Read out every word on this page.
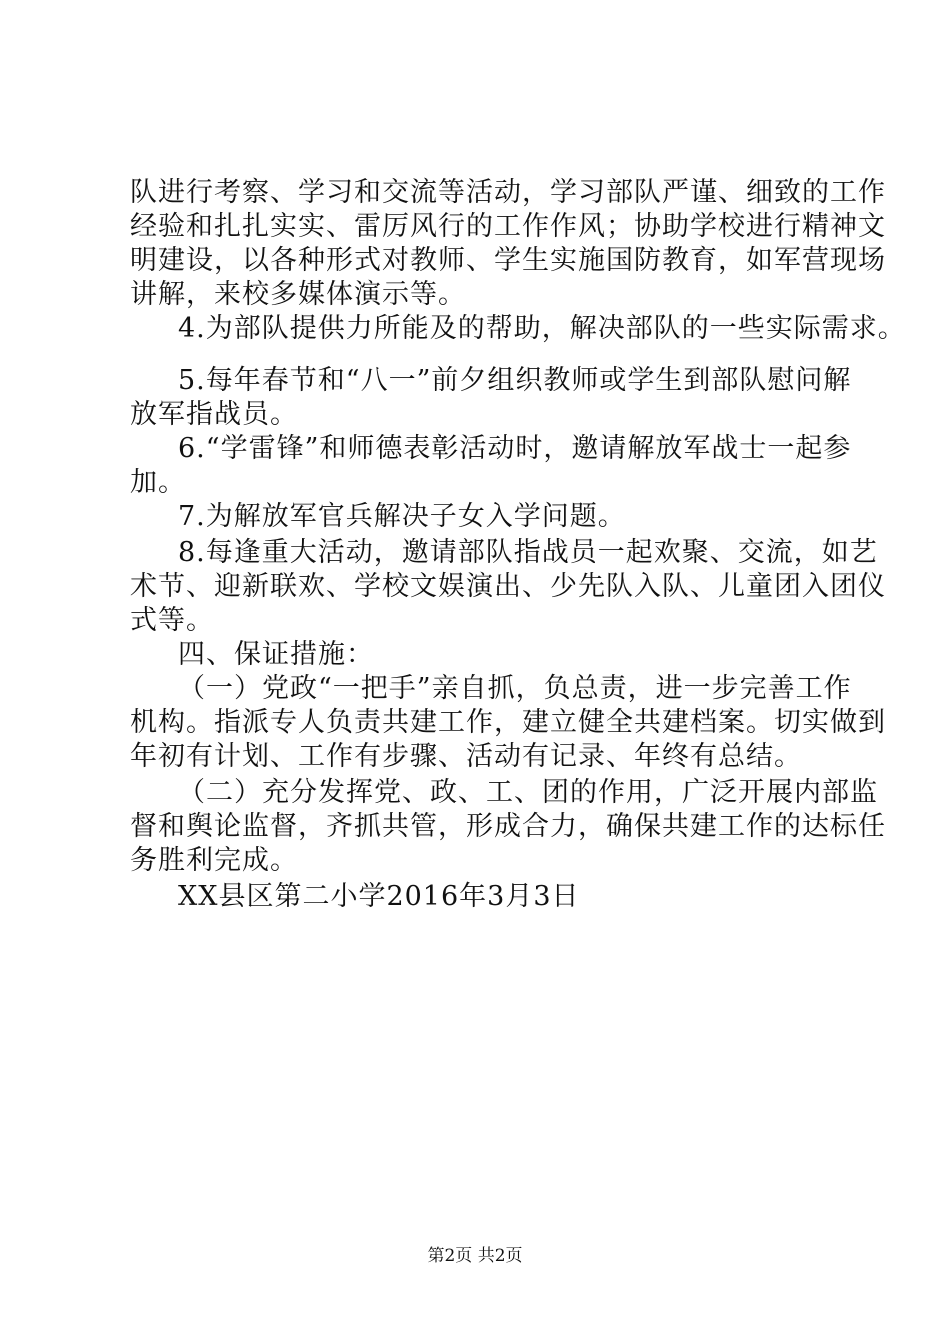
队进行考察、学习和交流等活动，学习部队严谨、细致的工作
经验和扎扎实实、雷厉风行的工作作风；协助学校进行精神文
明建设，以各种形式对教师、学生实施国防教育，如军营现场
讲解，来校多媒体演示等。
4.为部队提供力所能及的帮助，解决部队的一些实际需求。
5.每年春节和“八一”前夕组织教师或学生到部队慰问解
放军指战员。
6.“学雷锋”和师德表彰活动时，邀请解放军战士一起参
加。
7.为解放军官兵解决子女入学问题。
8.每逢重大活动，邀请部队指战员一起欢聚、交流，如艺
术节、迎新联欢、学校文娱演出、少先队入队、儿童团入团仪
式等。
四、保证措施：
（一）党政“一把手”亲自抓，负总责，进一步完善工作
机构。指派专人负责共建工作，建立健全共建档案。切实做到
年初有计划、工作有步骤、活动有记录、年终有总结。
（二）充分发挥党、政、工、团的作用，广泛开展内部监
督和舆论监督，齐抓共管，形成合力，确保共建工作的达标任
务胜利完成。
XX县区第二小学2016年3月3日
第2页 共2页
